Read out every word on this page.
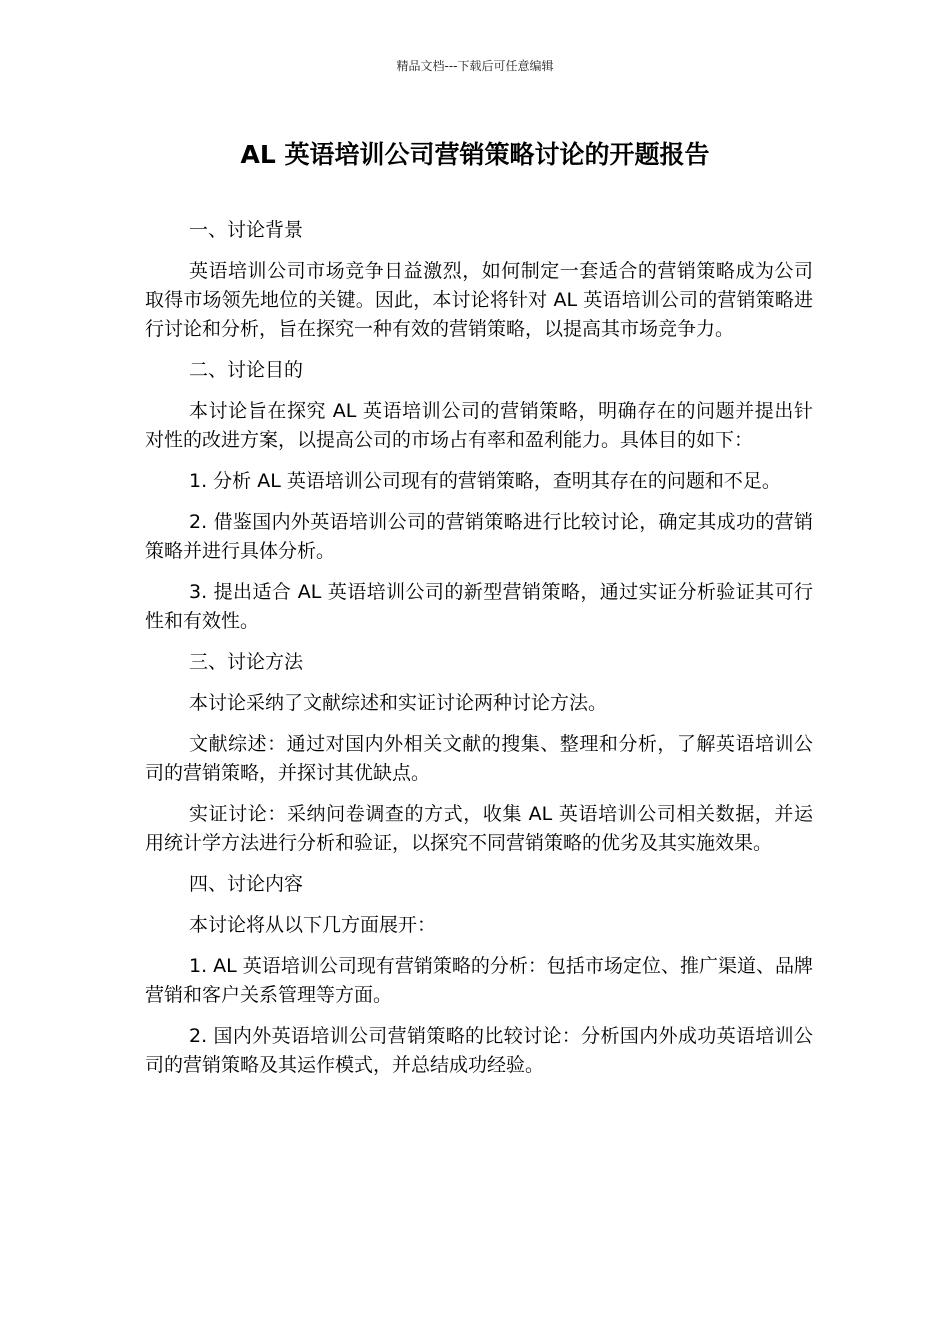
精品文档---下载后可任意编辑
AL 英语培训公司营销策略讨论的开题报告

一、讨论背景

英语培训公司市场竞争日益激烈，如何制定一套适合的营销策略成为公司取得市场领先地位的关键。因此，本讨论将针对 AL 英语培训公司的营销策略进行讨论和分析，旨在探究一种有效的营销策略，以提高其市场竞争力。

二、讨论目的

本讨论旨在探究 AL 英语培训公司的营销策略，明确存在的问题并提出针对性的改进方案，以提高公司的市场占有率和盈利能力。具体目的如下：

1. 分析 AL 英语培训公司现有的营销策略，查明其存在的问题和不足。

2. 借鉴国内外英语培训公司的营销策略进行比较讨论，确定其成功的营销策略并进行具体分析。

3. 提出适合 AL 英语培训公司的新型营销策略，通过实证分析验证其可行性和有效性。

三、讨论方法

本讨论采纳了文献综述和实证讨论两种讨论方法。

文献综述：通过对国内外相关文献的搜集、整理和分析，了解英语培训公司的营销策略，并探讨其优缺点。

实证讨论：采纳问卷调查的方式，收集 AL 英语培训公司相关数据，并运用统计学方法进行分析和验证，以探究不同营销策略的优劣及其实施效果。

四、讨论内容

本讨论将从以下几方面展开：

1. AL 英语培训公司现有营销策略的分析：包括市场定位、推广渠道、品牌营销和客户关系管理等方面。

2. 国内外英语培训公司营销策略的比较讨论：分析国内外成功英语培训公司的营销策略及其运作模式，并总结成功经验。
